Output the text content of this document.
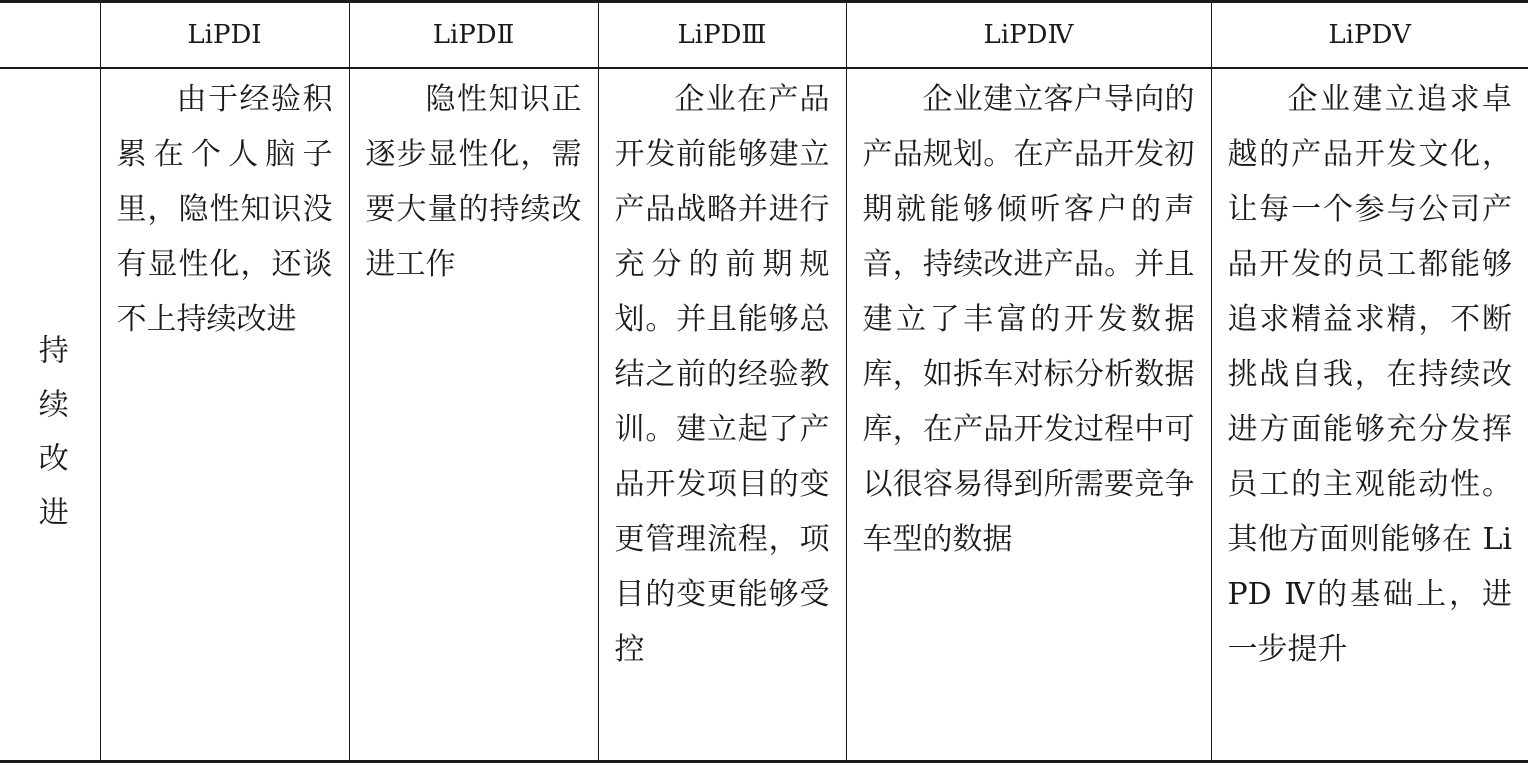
	LiPDⅠ	LiPDⅡ	LiPDⅢ	LiPDⅣ	LiPDⅤ
持续改进	由于经验积累在个人脑子里，隐性知识没有显性化，还谈不上持续改进	隐性知识正逐步显性化，需要大量的持续改进工作	企业在产品开发前能够建立产品战略并进行充分的前期规划。并且能够总结之前的经验教训。建立起了产品开发项目的变更管理流程，项目的变更能够受控	企业建立客户导向的产品规划。在产品开发初期就能够倾听客户的声音，持续改进产品。并且建立了丰富的开发数据库，如拆车对标分析数据库，在产品开发过程中可以很容易得到所需要竞争车型的数据	企业建立追求卓越的产品开发文化，让每一个参与公司产品开发的员工都能够追求精益求精，不断挑战自我，在持续改进方面能够充分发挥员工的主观能动性。其他方面则能够在 LiPD Ⅳ的基础上，进一步提升
